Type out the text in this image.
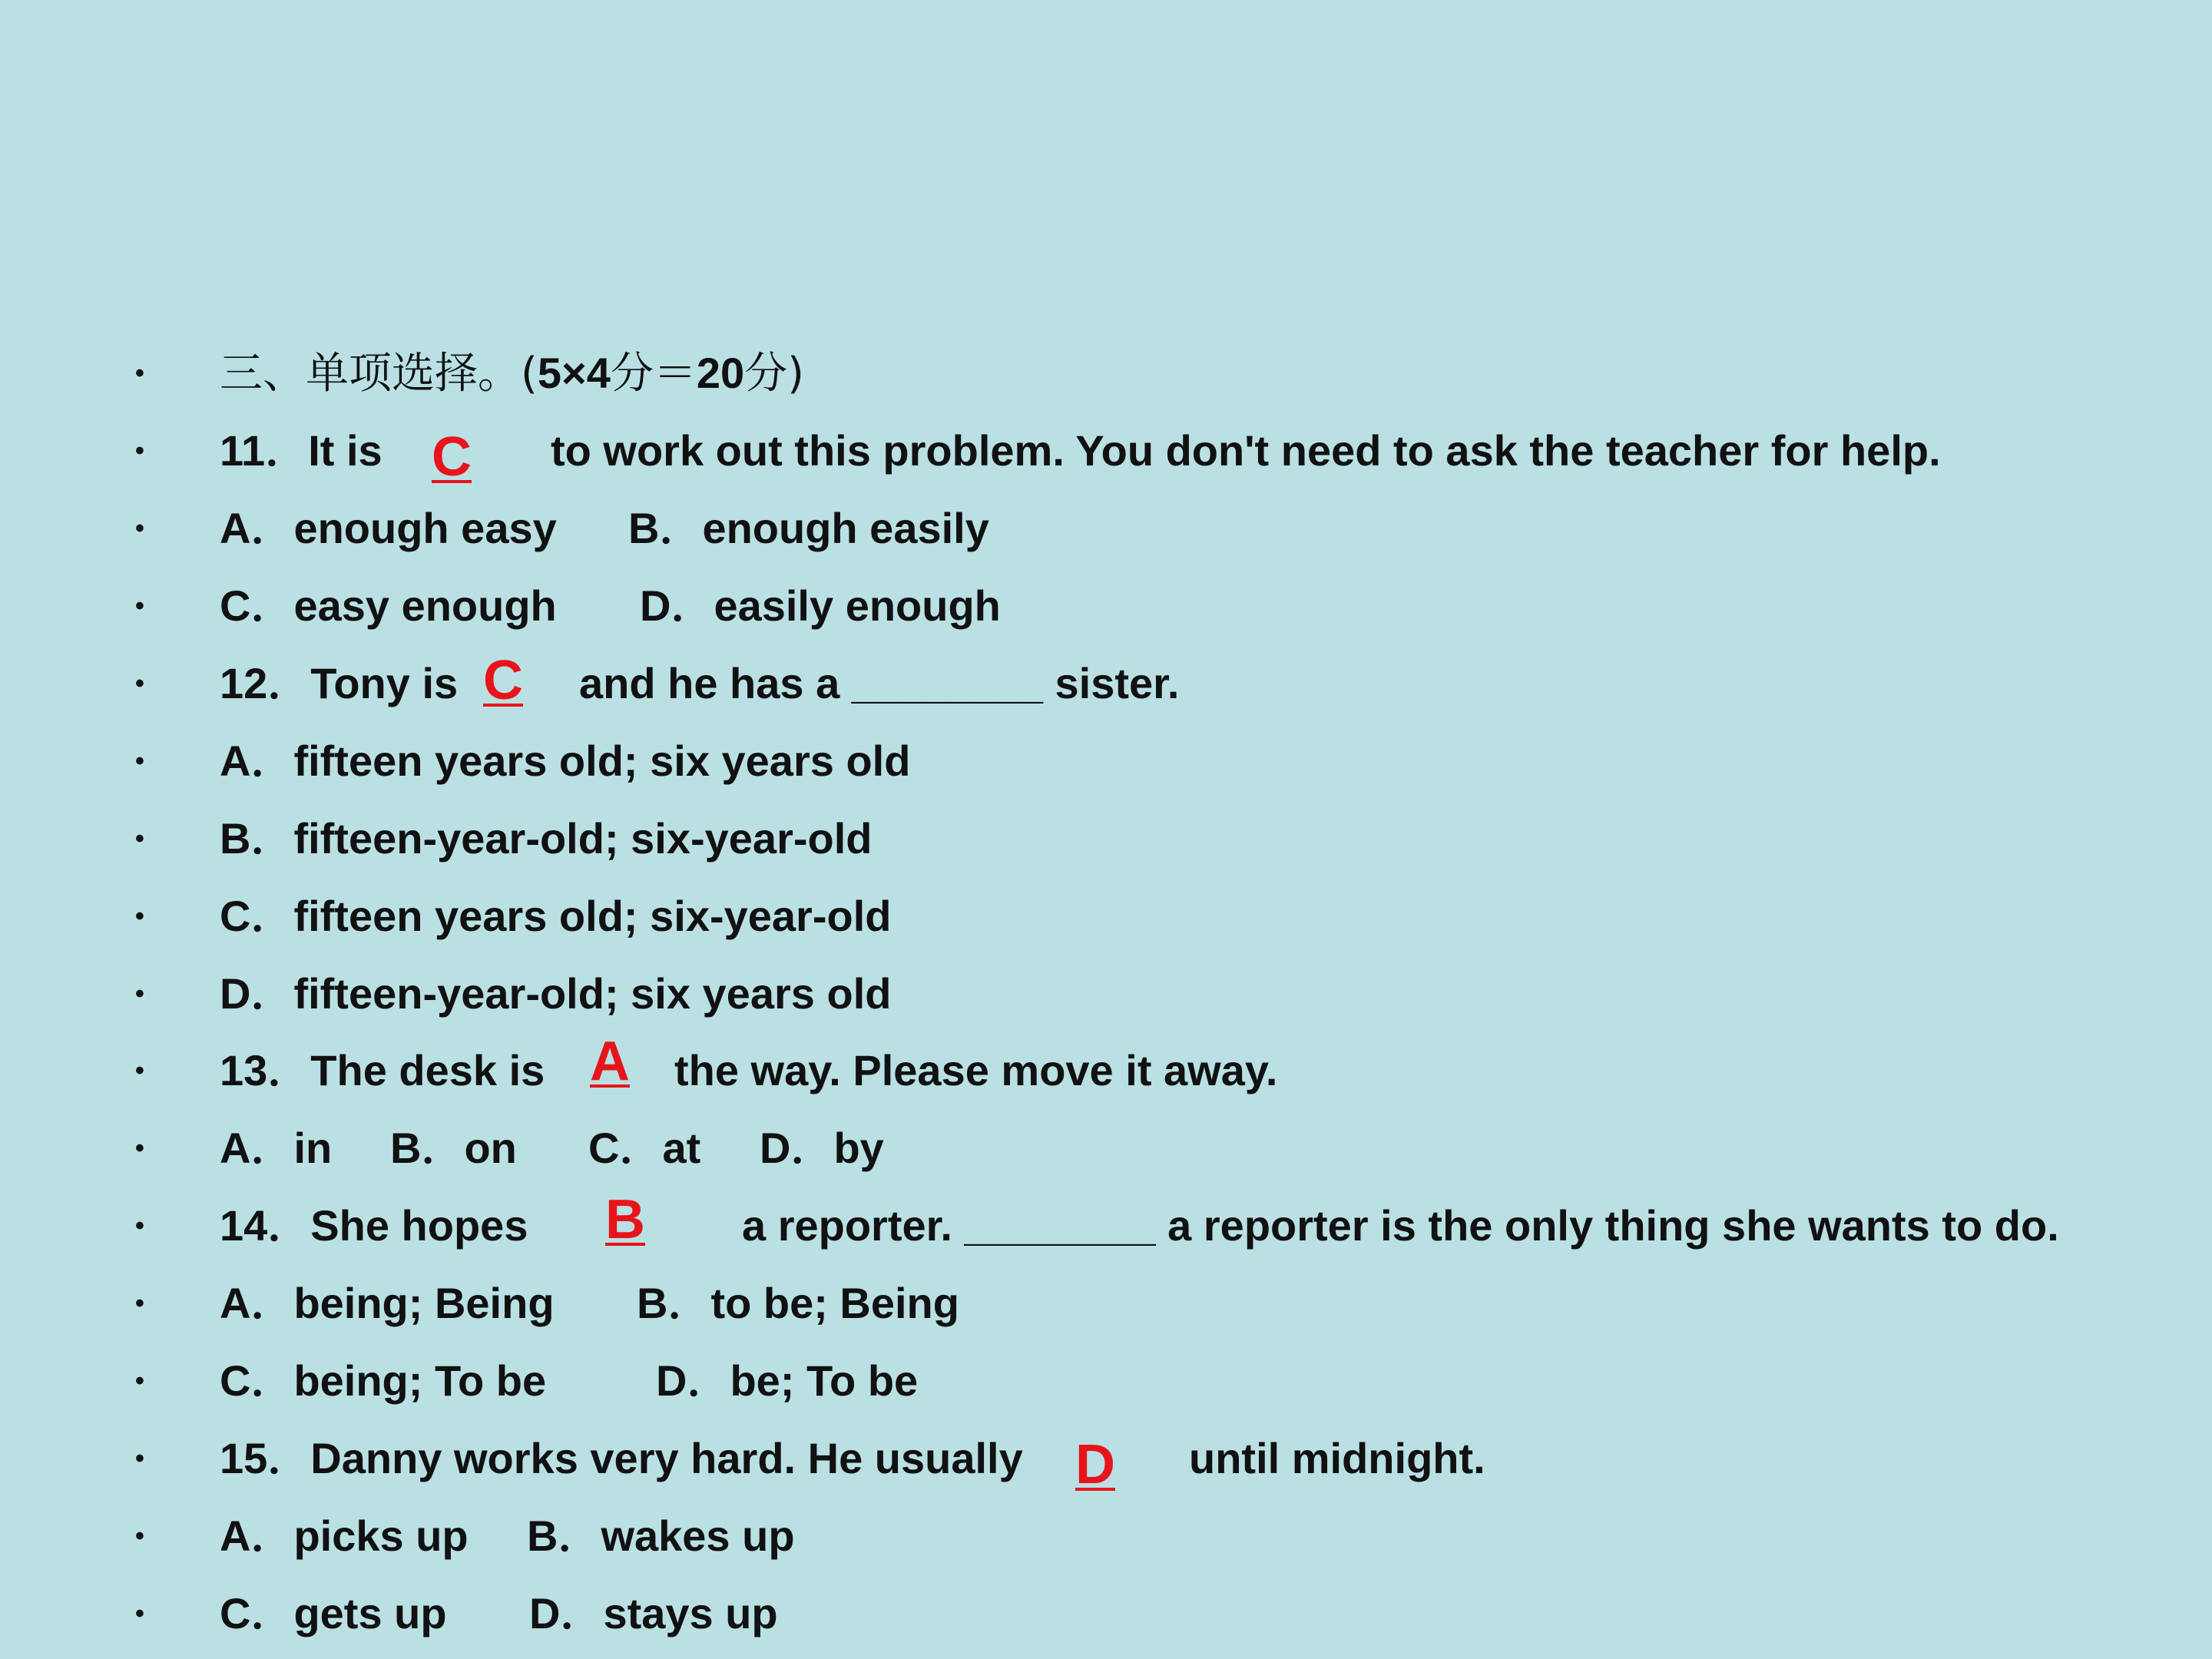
• 三、单项选择。(5×4分＝20分)
• 11．It is C to work out this problem. You don't need to ask the teacher for help.
• A．enough easy B．enough easily
• C．easy enough D．easily enough
• 12．Tony is C and he has a ________ sister.
• A．fifteen years old; six years old
• B．fifteen-year-old; six-year-old
• C．fifteen years old; six-year-old
• D．fifteen-year-old; six years old
• 13．The desk is A the way. Please move it away.
• A．in B．on C．at D．by
• 14．She hopes B a reporter. ________ a reporter is the only thing she wants to do.
• A．being; Being B．to be; Being
• C．being; To be	D．be; To be
• 15．Danny works very hard. He usually D until midnight.
• A．picks up B．wakes up
• C．gets up D．stays up
